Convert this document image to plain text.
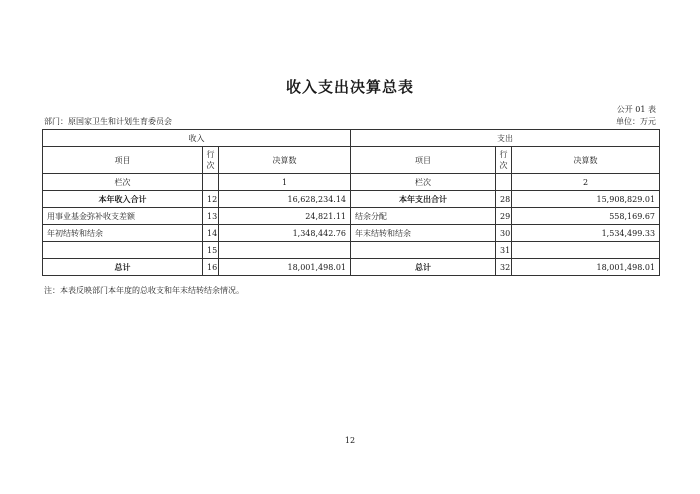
收入支出决算总表
公开 01 表
部门：原国家卫生和计划生育委员会	单位：万元
收入			支出		
项目	行次	决算数	项目	行次	决算数
栏次		1	栏次		2
本年收入合计	12	16,628,234.14	本年支出合计	28	15,908,829.01
用事业基金弥补收支差额	13	24,821.11	结余分配	29	558,169.67
年初结转和结余	14	1,348,442.76	年末结转和结余	30	1,534,499.33
	15			31	
总计	16	18,001,498.01	总计	32	18,001,498.01
注：本表反映部门本年度的总收支和年末结转结余情况。
12
